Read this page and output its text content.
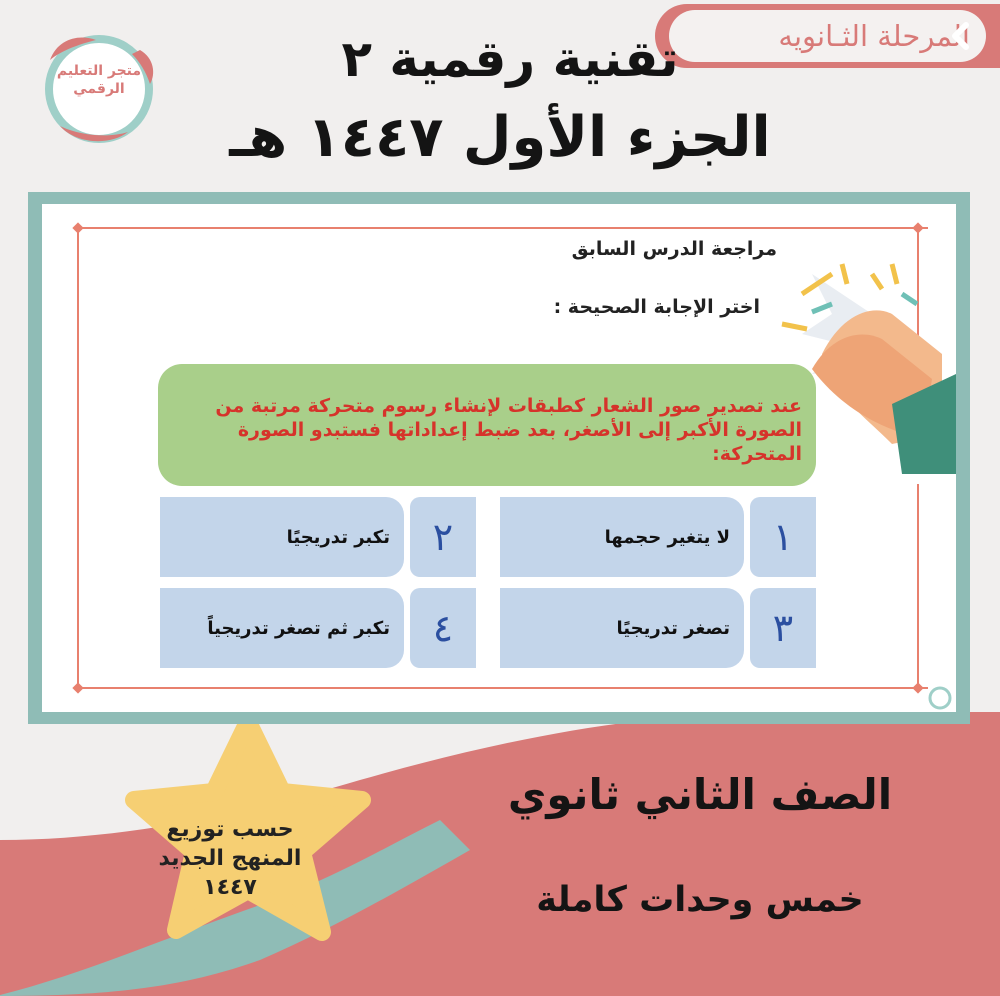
متجر التعليم
الرقمي
المرحلة الثـانويه
تقنية رقمية ٢
الجزء الأول ١٤٤٧ هـ
مراجعة الدرس السابق
اختر الإجابة الصحيحة :
عند تصدير صور الشعار كطبقات لإنشاء رسوم متحركة مرتبة من الصورة الأكبر إلى الأصغر، بعد ضبط إعداداتها فستبدو الصورة المتحركة:
لا يتغير حجمها	١
تكبر تدريجيًا	٢
تصغر تدريجيًا	٣
تكبر ثم تصغر تدريجياً	٤
الصف الثاني ثانوي
خمس وحدات كاملة
حسب توزيع
المنهج الجديد
١٤٤٧
